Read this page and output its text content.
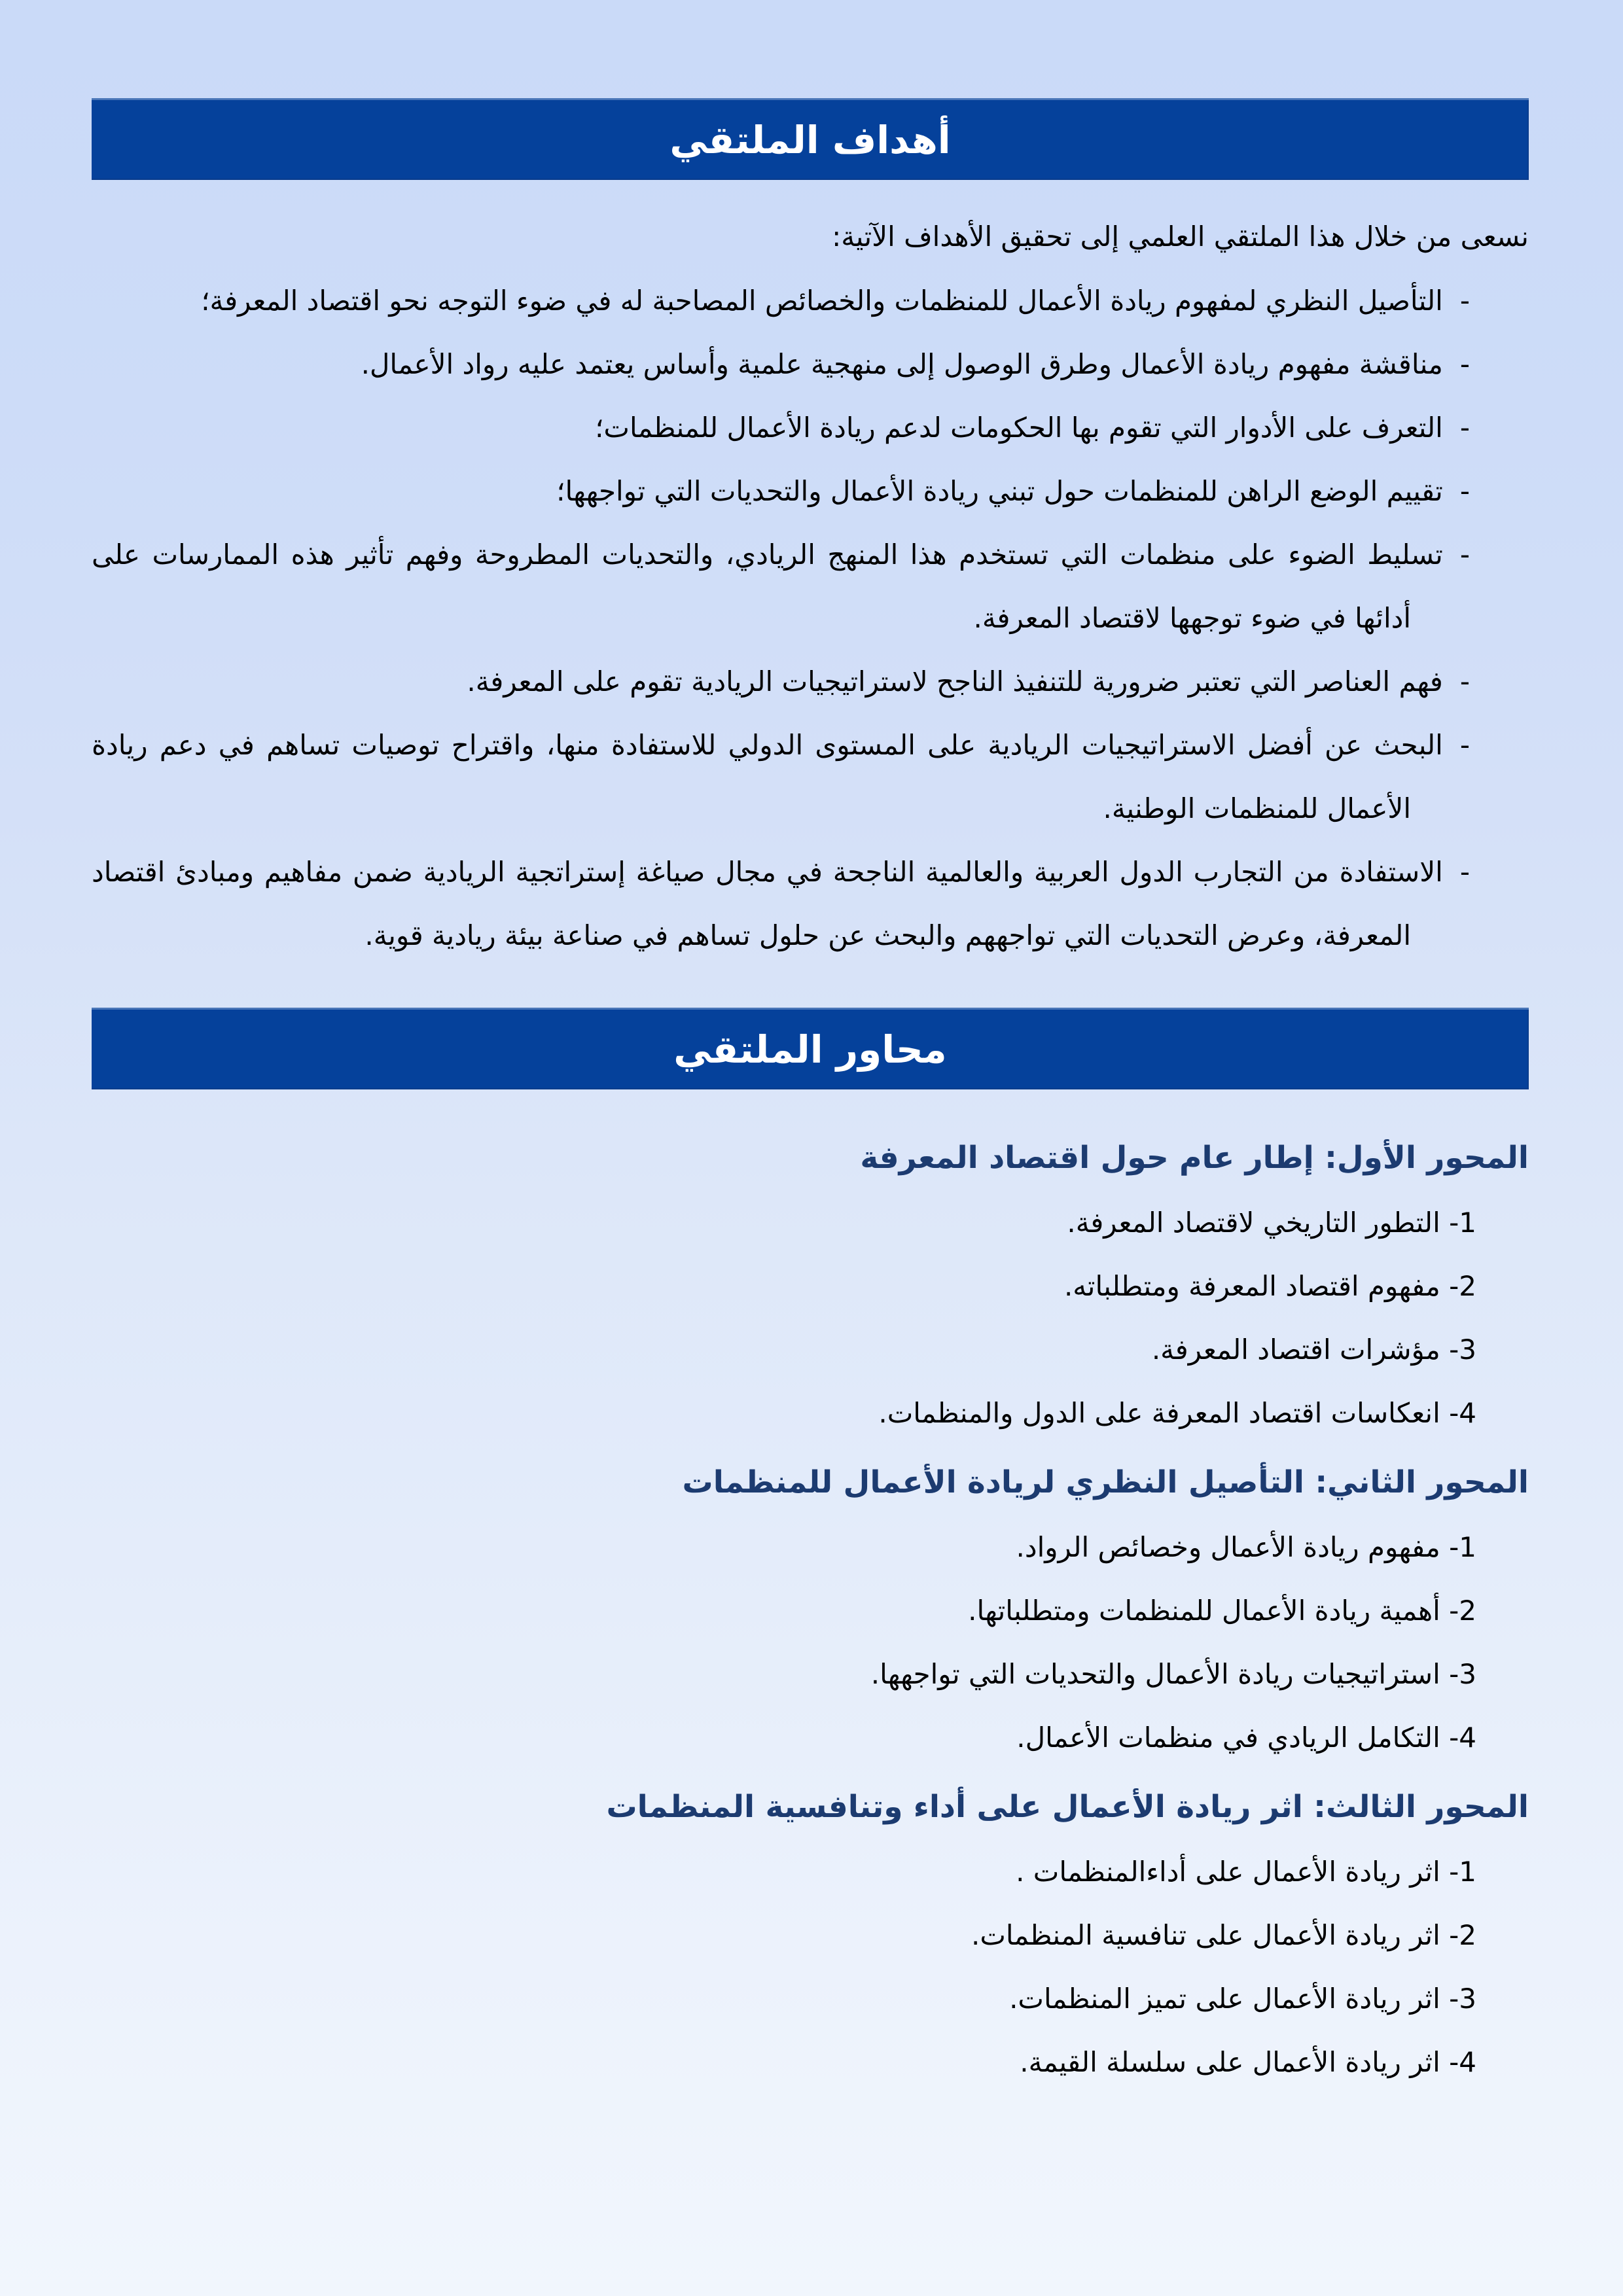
أهداف الملتقي

نسعى من خلال هذا الملتقي العلمي إلى تحقيق الأهداف الآتية:

-التأصيل النظري لمفهوم ريادة الأعمال للمنظمات والخصائص المصاحبة له في ضوء التوجه نحو اقتصاد المعرفة؛
-مناقشة مفهوم ريادة الأعمال وطرق الوصول إلى منهجية علمية وأساس يعتمد عليه رواد الأعمال.
-التعرف على الأدوار التي تقوم بها الحكومات لدعم ريادة الأعمال للمنظمات؛
-تقييم الوضع الراهن للمنظمات حول تبني ريادة الأعمال والتحديات التي تواجهها؛
-تسليط الضوء على منظمات التي تستخدم هذا المنهج الريادي، والتحديات المطروحة وفهم تأثير هذه الممارسات على أدائها في ضوء توجهها لاقتصاد المعرفة.
-فهم العناصر التي تعتبر ضرورية للتنفيذ الناجح لاستراتيجيات الريادية تقوم على المعرفة.
-البحث عن أفضل الاستراتيجيات الريادية على المستوى الدولي للاستفادة منها، واقتراح توصيات تساهم في دعم ريادة الأعمال للمنظمات الوطنية.
-الاستفادة من التجارب الدول العربية والعالمية الناجحة في مجال صياغة إستراتجية الريادية ضمن مفاهيم ومبادئ اقتصاد المعرفة، وعرض التحديات التي تواجههم والبحث عن حلول تساهم في صناعة بيئة ريادية قوية.
محاور الملتقي
المحور الأول: إطار عام حول اقتصاد المعرفة

1- التطور التاريخي لاقتصاد المعرفة.

2- مفهوم اقتصاد المعرفة ومتطلباته.

3- مؤشرات اقتصاد المعرفة.

4- انعكاسات اقتصاد المعرفة على الدول والمنظمات.

المحور الثاني: التأصيل النظري لريادة الأعمال للمنظمات

1- مفهوم ريادة الأعمال وخصائص الرواد.

2- أهمية ريادة الأعمال للمنظمات ومتطلباتها.

3- استراتيجيات ريادة الأعمال والتحديات التي تواجهها.

4- التكامل الريادي في منظمات الأعمال.

المحور الثالث: اثر ريادة الأعمال على أداء وتنافسية المنظمات

1- اثر ريادة الأعمال على أداءالمنظمات .

2- اثر ريادة الأعمال على تنافسية المنظمات.

3- اثر ريادة الأعمال على تميز المنظمات.

4- اثر ريادة الأعمال على سلسلة القيمة.
